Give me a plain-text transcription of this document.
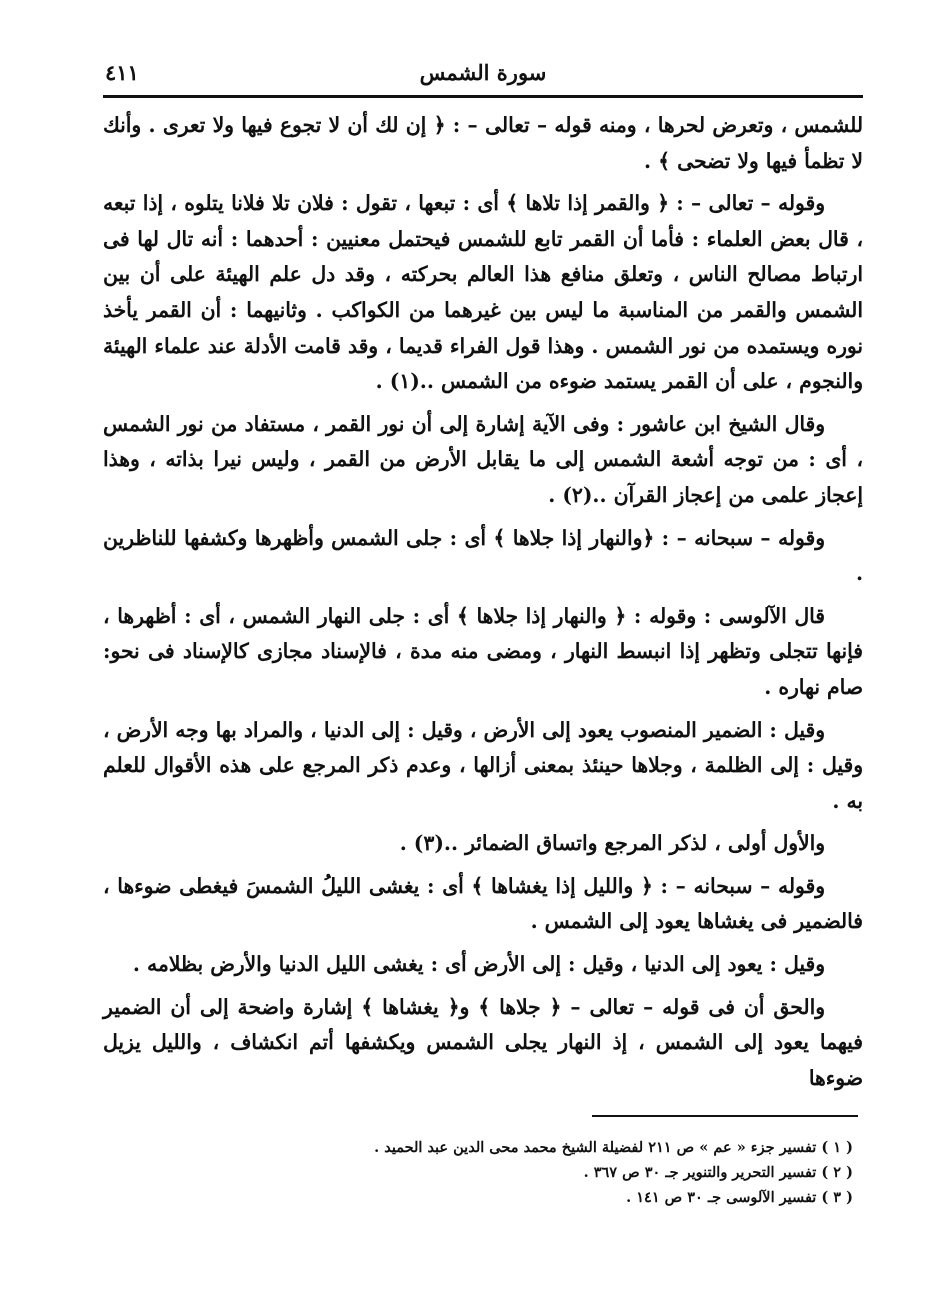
سورة الشمس
٤١١

للشمس ، وتعرض لحرها ، ومنه قوله – تعالى – : ﴿ إن لك أن لا تجوع فيها ولا تعرى . وأنك لا تظمأ فيها ولا تضحى ﴾ .

وقوله – تعالى – : ﴿ والقمر إذا تلاها ﴾ أى : تبعها ، تقول : فلان تلا فلانا يتلوه ، إذا تبعه ، قال بعض العلماء : فأما أن القمر تابع للشمس فيحتمل معنيين : أحدهما : أنه تال لها فى ارتباط مصالح الناس ، وتعلق منافع هذا العالم بحركته ، وقد دل علم الهيئة على أن بين الشمس والقمر من المناسبة ما ليس بين غيرهما من الكواكب . وثانيهما : أن القمر يأخذ نوره ويستمده من نور الشمس . وهذا قول الفراء قديما ، وقد قامت الأدلة عند علماء الهيئة والنجوم ، على أن القمر يستمد ضوءه من الشمس ..(١) .

وقال الشيخ ابن عاشور : وفى الآية إشارة إلى أن نور القمر ، مستفاد من نور الشمس ، أى : من توجه أشعة الشمس إلى ما يقابل الأرض من القمر ، وليس نيرا بذاته ، وهذا إعجاز علمى من إعجاز القرآن ..(٢) .

وقوله – سبحانه – : ﴿والنهار إذا جلاها ﴾ أى : جلى الشمس وأظهرها وكشفها للناظرين .

قال الآلوسى : وقوله : ﴿ والنهار إذا جلاها ﴾ أى : جلى النهار الشمس ، أى : أظهرها ، فإنها تتجلى وتظهر إذا انبسط النهار ، ومضى منه مدة ، فالإسناد مجازى كالإسناد فى نحو: صام نهاره .

وقيل : الضمير المنصوب يعود إلى الأرض ، وقيل : إلى الدنيا ، والمراد بها وجه الأرض ، وقيل : إلى الظلمة ، وجلاها حينئذ بمعنى أزالها ، وعدم ذكر المرجع على هذه الأقوال للعلم به .

والأول أولى ، لذكر المرجع واتساق الضمائر ..(٣) .

وقوله – سبحانه – : ﴿ والليل إذا يغشاها ﴾ أى : يغشى الليلُ الشمسَ فيغطى ضوءها ، فالضمير فى يغشاها يعود إلى الشمس .

وقيل : يعود إلى الدنيا ، وقيل : إلى الأرض أى : يغشى الليل الدنيا والأرض بظلامه .

والحق أن فى قوله – تعالى – ﴿ جلاها ﴾ و﴿ يغشاها ﴾ إشارة واضحة إلى أن الضمير فيهما يعود إلى الشمس ، إذ النهار يجلى الشمس ويكشفها أتم انكشاف ، والليل يزيل ضوءها

( ١ ) تفسير جزء « عم » ص ٢١١ لفضيلة الشيخ محمد محى الدين عبد الحميد .

( ٢ ) تفسير التحرير والتنوير جـ ٣٠ ص ٣٦٧ .

( ٣ ) تفسير الآلوسى جـ ٣٠ ص ١٤١ .
